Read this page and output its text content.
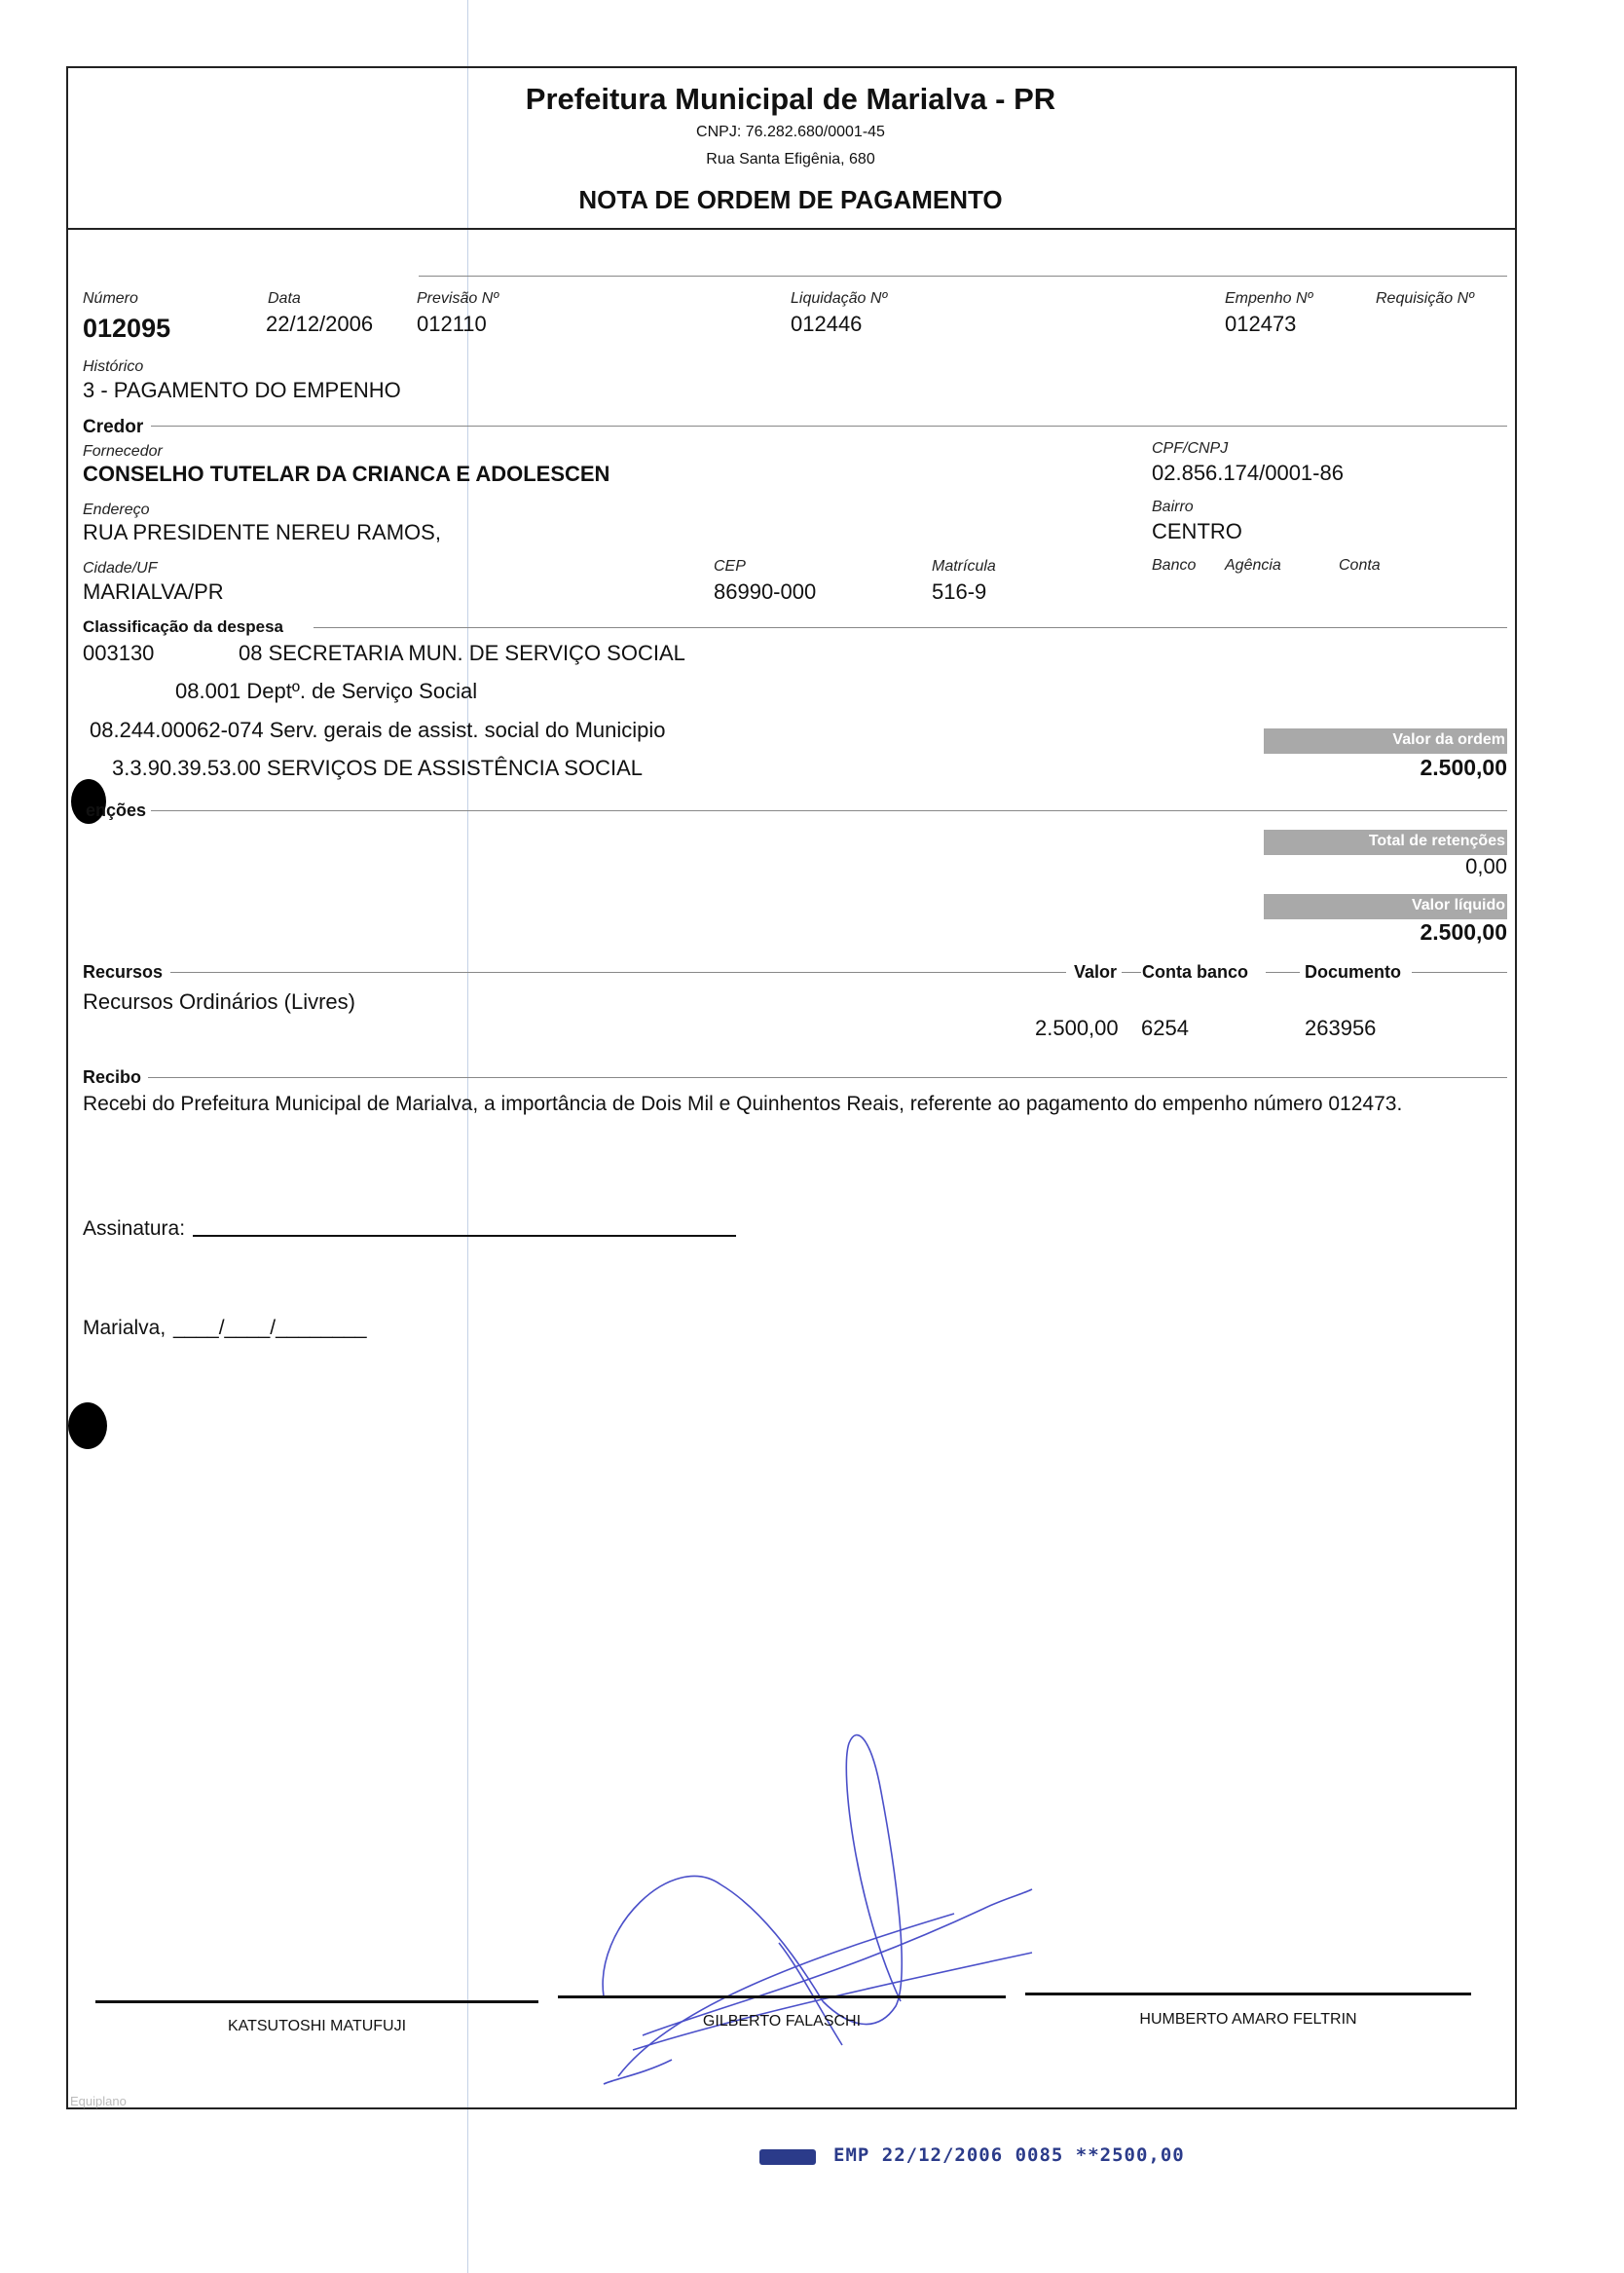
Prefeitura Municipal de Marialva - PR
CNPJ: 76.282.680/0001-45
Rua Santa Efigênia, 680
NOTA DE ORDEM DE PAGAMENTO
Número
012095
Data
22/12/2006
Previsão Nº
012110
Liquidação Nº
012446
Empenho Nº
012473
Requisição Nº
Histórico
3 - PAGAMENTO DO EMPENHO
Credor
Fornecedor
CONSELHO TUTELAR DA CRIANCA E ADOLESCEN
CPF/CNPJ
02.856.174/0001-86
Endereço
RUA PRESIDENTE NEREU RAMOS,
Bairro
CENTRO
Cidade/UF
MARIALVA/PR
CEP
86990-000
Matrícula
516-9
Banco Agência	Conta
Classificação da despesa
003130	08 SECRETARIA MUN. DE SERVIÇO SOCIAL
08.001 Deptº. de Serviço Social
08.244.00062-074 Serv. gerais de assist. social do Municipio
3.3.90.39.53.00 SERVIÇOS DE ASSISTÊNCIA SOCIAL
Valor da ordem
2.500,00
enções
Total de retenções
0,00
Valor líquido
2.500,00
Recursos	Valor Conta banco	Documento
Recursos Ordinários (Livres)
2.500,00 6254	263956
Recibo
Recebi do Prefeitura Municipal de Marialva, a importância de Dois Mil e Quinhentos Reais, referente ao pagamento do empenho número 012473.
Assinatura:
Marialva, ____/____/________
KATSUTOSHI MATUFUJI	GILBERTO FALASCHI	HUMBERTO AMARO FELTRIN
Equiplano
EMP 22/12/2006 0085 **2500,00
